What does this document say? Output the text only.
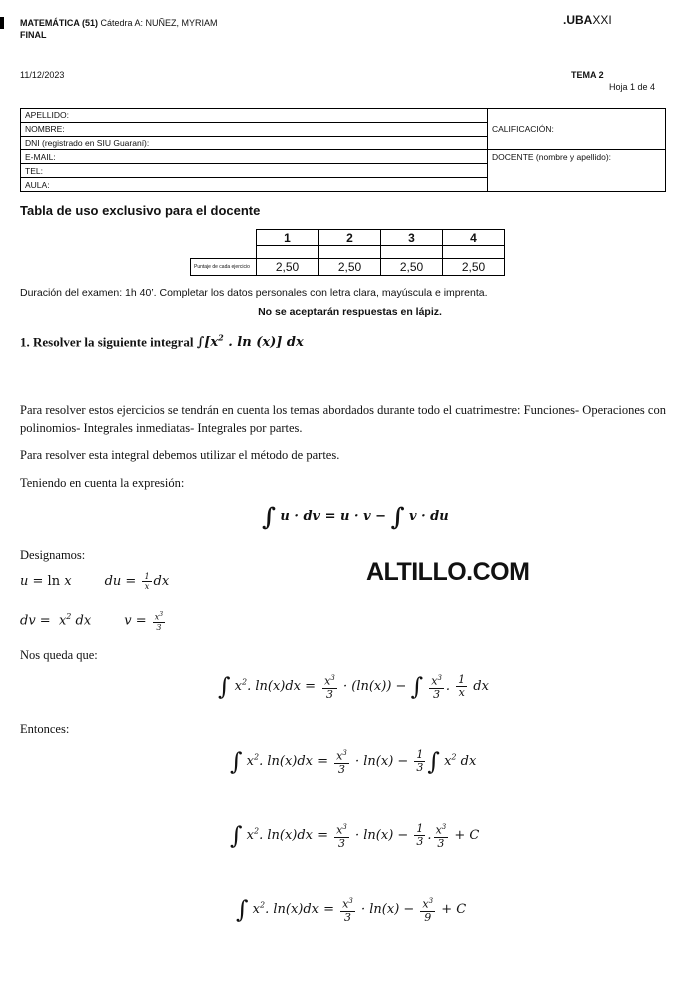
MATEMÁTICA (51) Cátedra A: NUÑEZ, MYRIAM
FINAL
.UBAXXI
11/12/2023	TEMA 2
Hoja 1 de 4
APELLIDO:	CALIFICACIÓN:
NOMBRE:	
DNI (registrado en SIU Guaraní):	
E-MAIL:	DOCENTE (nombre y apellido):
TEL:	
AULA:	
Tabla de uso exclusivo para el docente
	1	2	3	4

Puntaje de cada ejercicio	2,50	2,50	2,50	2,50
Duración del examen: 1h 40’. Completar los datos personales con letra clara, mayúscula e imprenta.
No se aceptarán respuestas en lápiz.
1. Resolver la siguiente integral $\int[x^2$ . ln (x)] dx
Para resolver estos ejercicios se tendrán en cuenta los temas abordados durante todo el cuatrimestre: Funciones- Operaciones con polinomios- Integrales inmediatas- Integrales por partes.
Para resolver esta integral debemos utilizar el método de partes.
Teniendo en cuenta la expresión:
∫ u · dv = u · v − ∫ v · du
Designamos:
u = ln x        du = $\frac{1}{x}$ dx
dv =  $x^2$ dx        $v = \frac{x^3}{3}$
Nos queda que:
∫ $x^2$. $\ln(x)dx = \frac{x^3}{3} \cdot (\ln(x))$ − ∫ $\frac{x^3}{3}$ . $\frac{1}{x}$ dx
Entonces:
∫ $x^2$. $\ln(x)dx = \frac{x^3}{3} \cdot \ln(x) - \frac{1}{3}$ ∫ $x^2$ dx
∫ $x^2$. $\ln(x)dx = \frac{x^3}{3} \cdot \ln(x) - \frac{1}{3}$ . $\frac{x^3}{3} + C$
∫ $x^2$. $\ln(x)dx = \frac{x^3}{3} \cdot \ln(x) - \frac{x^3}{9} + C$
ALTILLO.COM
